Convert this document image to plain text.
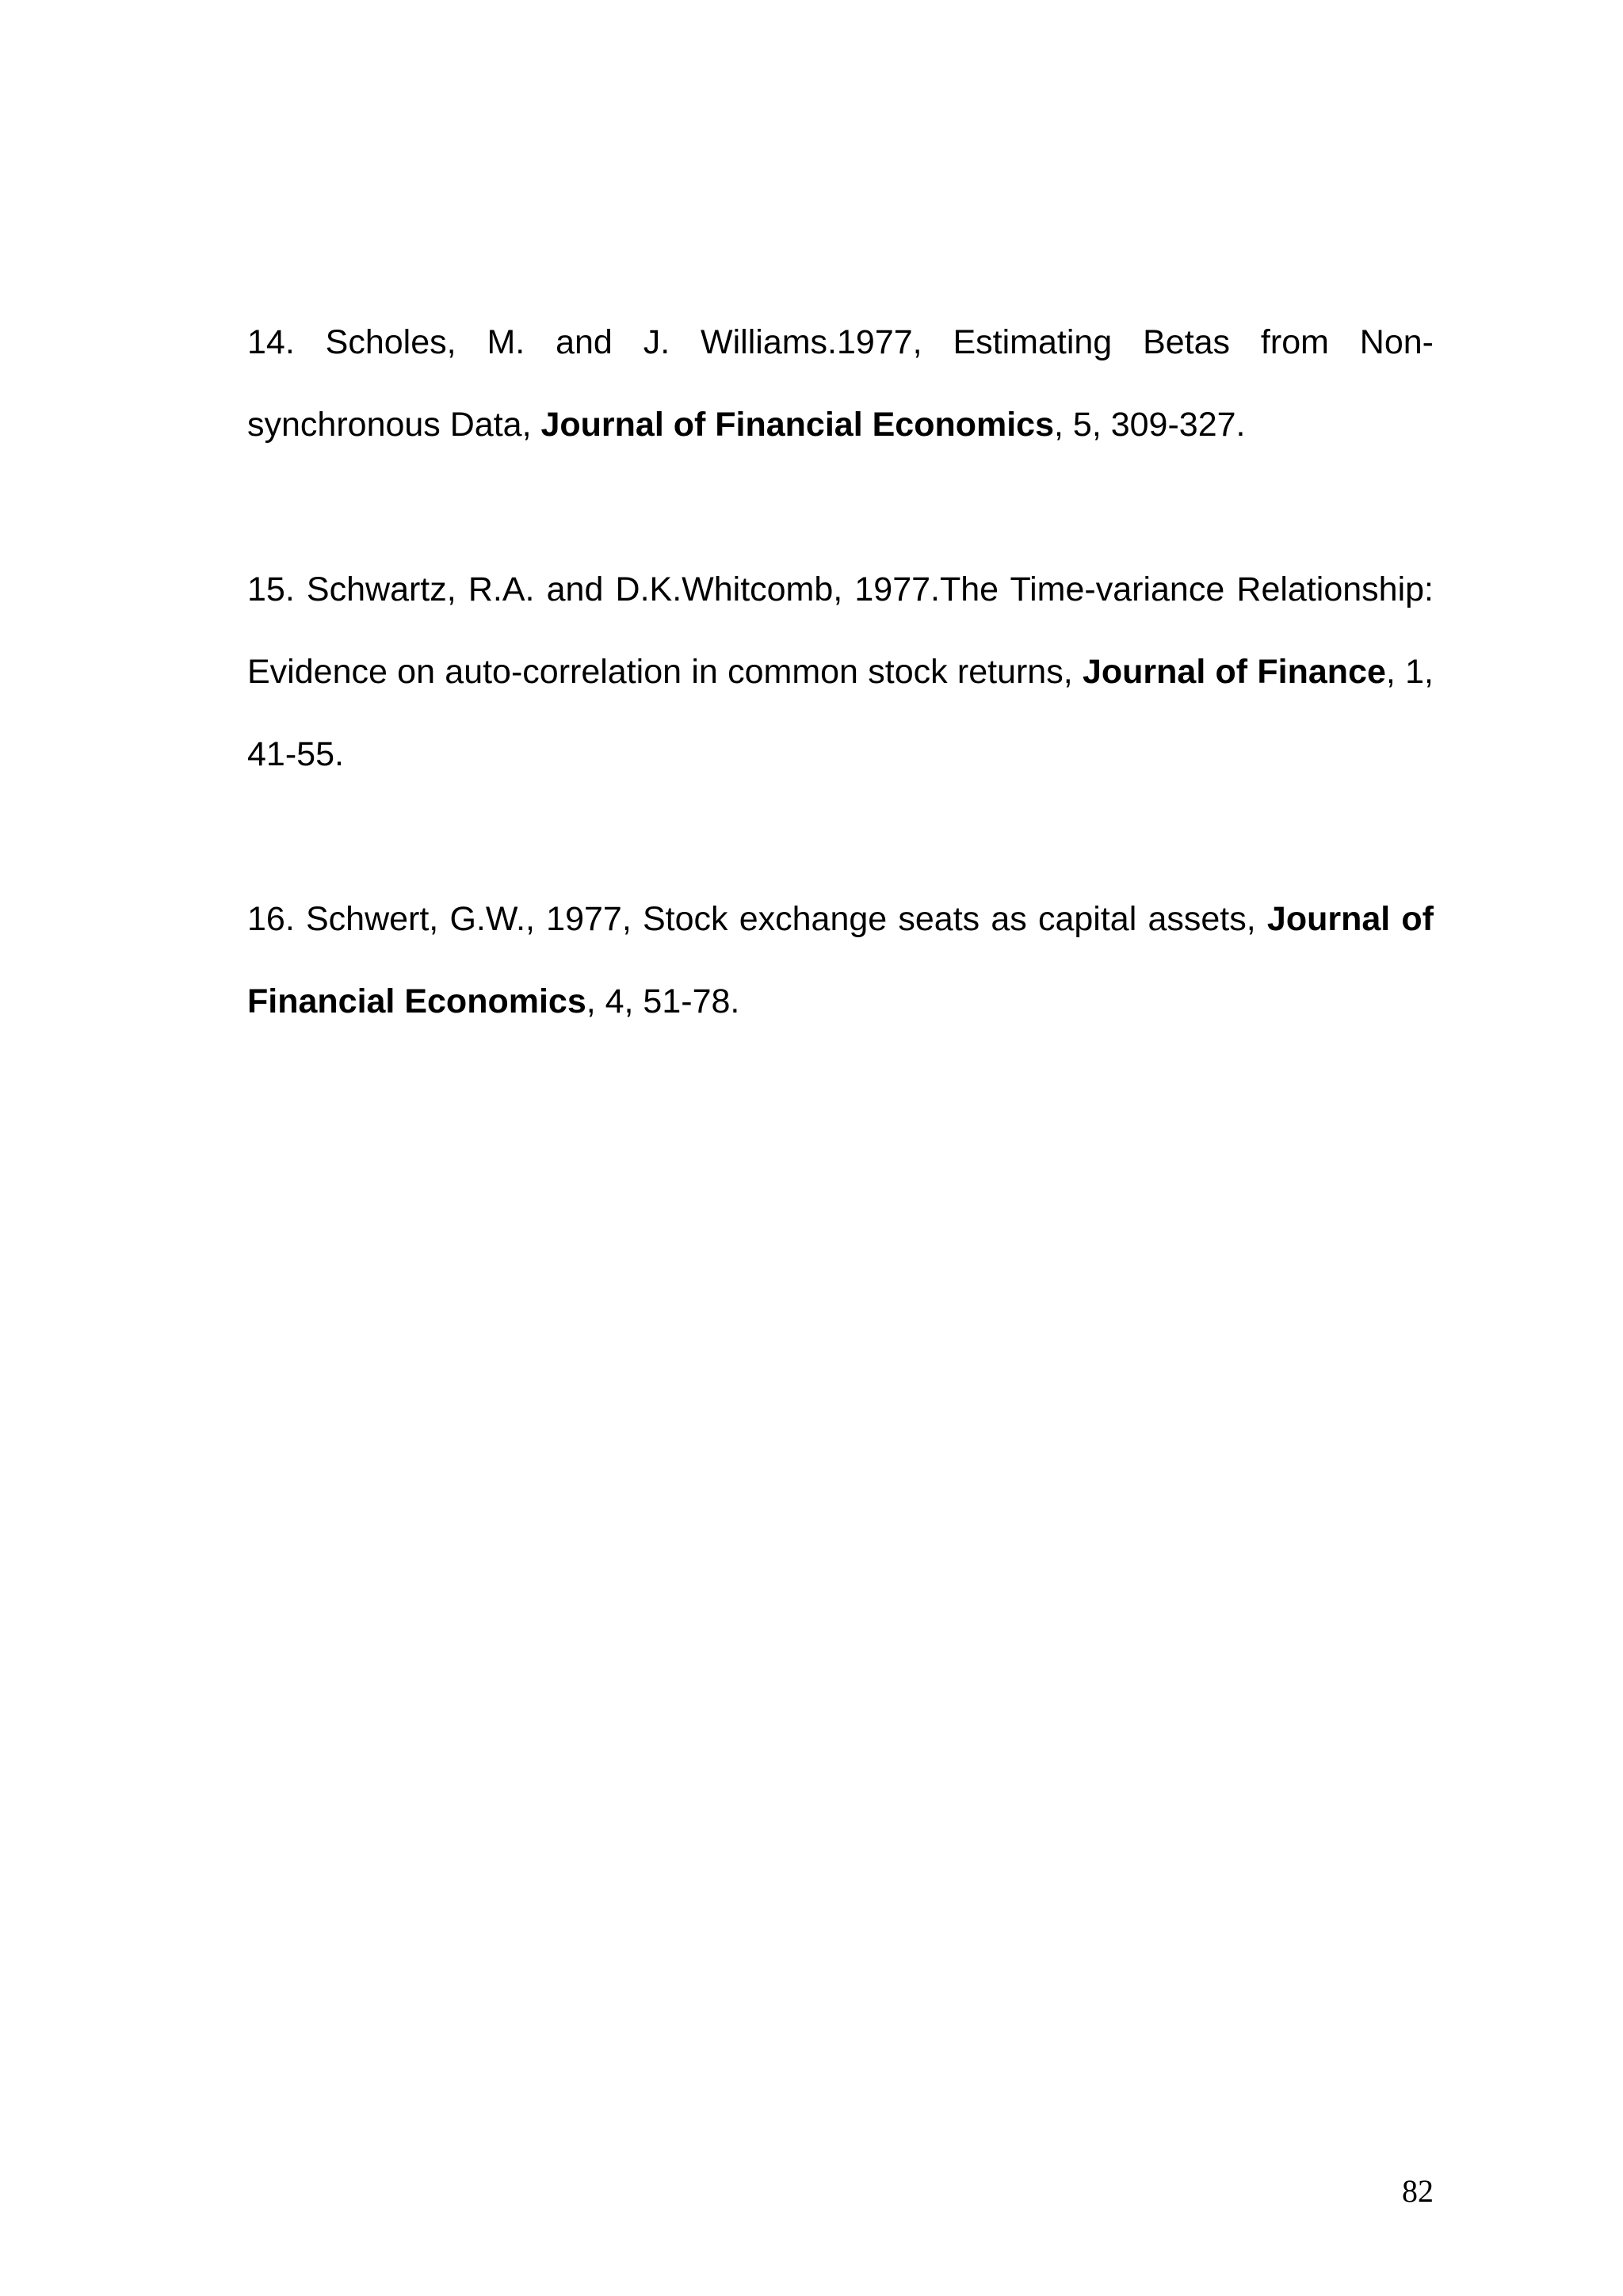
14. Scholes, M. and J. Williams.1977, Estimating Betas from Non-synchronous Data, Journal of Financial Economics, 5, 309-327.

15. Schwartz, R.A. and D.K.Whitcomb, 1977.The Time-variance Relationship: Evidence on auto-correlation in common stock returns, Journal of Finance, 1, 41-55.

16. Schwert, G.W., 1977, Stock exchange seats as capital assets, Journal of Financial Economics, 4, 51-78.

82
